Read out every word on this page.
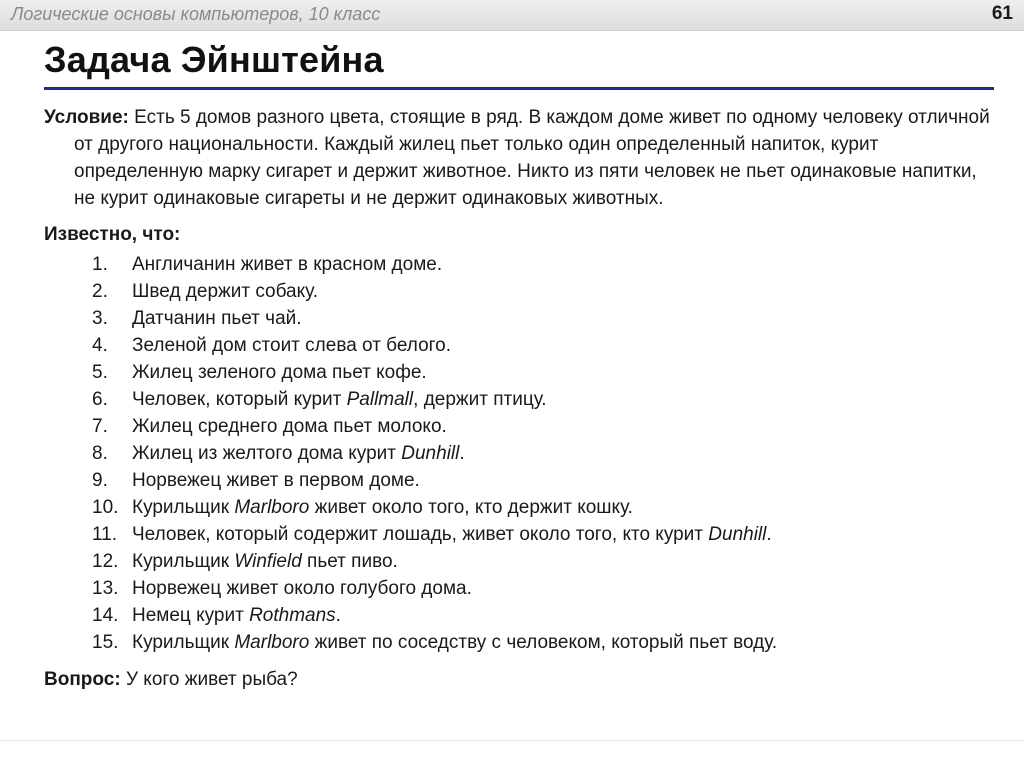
Логические основы компьютеров, 10 класс	61
Задача Эйнштейна

Условие: Есть 5 домов разного цвета, стоящие в ряд. В каждом доме живет по одному человеку отличной от другого национальности. Каждый жилец пьет только один определенный напиток, курит определенную марку сигарет и держит животное. Никто из пяти человек не пьет одинаковые напитки, не курит одинаковые сигареты и не держит одинаковых животных.

Известно, что:

1. Англичанин живет в красном доме.
2. Швед держит собаку.
3. Датчанин пьет чай.
4. Зеленой дом стоит слева от белого.
5. Жилец зеленого дома пьет кофе.
6. Человек, который курит Pallmall, держит птицу.
7. Жилец среднего дома пьет молоко.
8. Жилец из желтого дома курит Dunhill.
9. Норвежец живет в первом доме.
10. Курильщик Marlboro живет около того, кто держит кошку.
11. Человек, который содержит лошадь, живет около того, кто курит Dunhill.
12. Курильщик Winfield пьет пиво.
13. Норвежец живет около голубого дома.
14. Немец курит Rothmans.
15. Курильщик Marlboro живет по соседству с человеком, который пьет воду.

Вопрос: У кого живет рыба?
